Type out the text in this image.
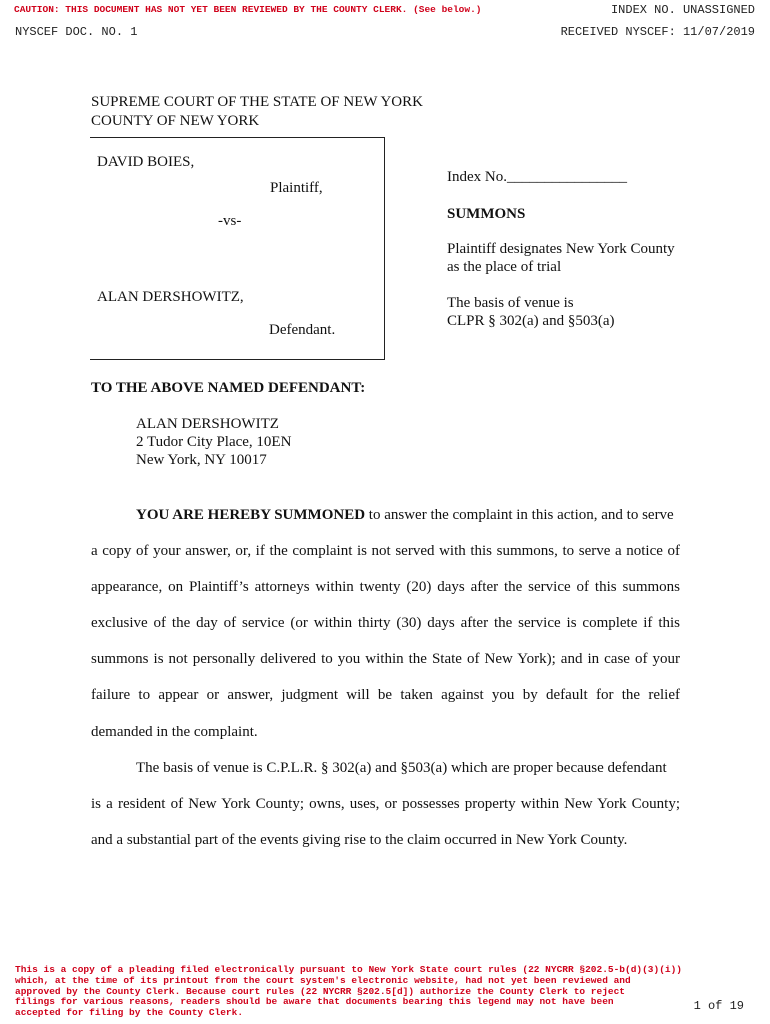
CAUTION: THIS DOCUMENT HAS NOT YET BEEN REVIEWED BY THE COUNTY CLERK. (See below.)	INDEX NO. UNASSIGNED
NYSCEF DOC. NO. 1	RECEIVED NYSCEF: 11/07/2019
SUPREME COURT OF THE STATE OF NEW YORK
COUNTY OF NEW YORK
DAVID BOIES,
Plaintiff,
-vs-
ALAN DERSHOWITZ,
Defendant.
Index No.________________
SUMMONS
Plaintiff designates New York County
as the place of trial
The basis of venue is
CLPR § 302(a) and §503(a)
TO THE ABOVE NAMED DEFENDANT:
ALAN DERSHOWITZ
2 Tudor City Place, 10EN
New York, NY 10017
YOU ARE HEREBY SUMMONED to answer the complaint in this action, and to serve
a copy of your answer, or, if the complaint is not served with this summons, to serve a notice of
appearance, on Plaintiff’s attorneys within twenty (20) days after the service of this summons
exclusive of the day of service (or within thirty (30) days after the service is complete if this
summons is not personally delivered to you within the State of New York); and in case of your
failure to appear or answer, judgment will be taken against you by default for the relief
demanded in the complaint.
The basis of venue is C.P.L.R. § 302(a) and §503(a) which are proper because defendant
is a resident of New York County; owns, uses, or possesses property within New York County;
and a substantial part of the events giving rise to the claim occurred in New York County.
This is a copy of a pleading filed electronically pursuant to New York State court rules (22 NYCRR §202.5-b(d)(3)(i))
which, at the time of its printout from the court system's electronic website, had not yet been reviewed and
approved by the County Clerk. Because court rules (22 NYCRR §202.5[d]) authorize the County Clerk to reject
filings for various reasons, readers should be aware that documents bearing this legend may not have been
accepted for filing by the County Clerk.	1 of 19
